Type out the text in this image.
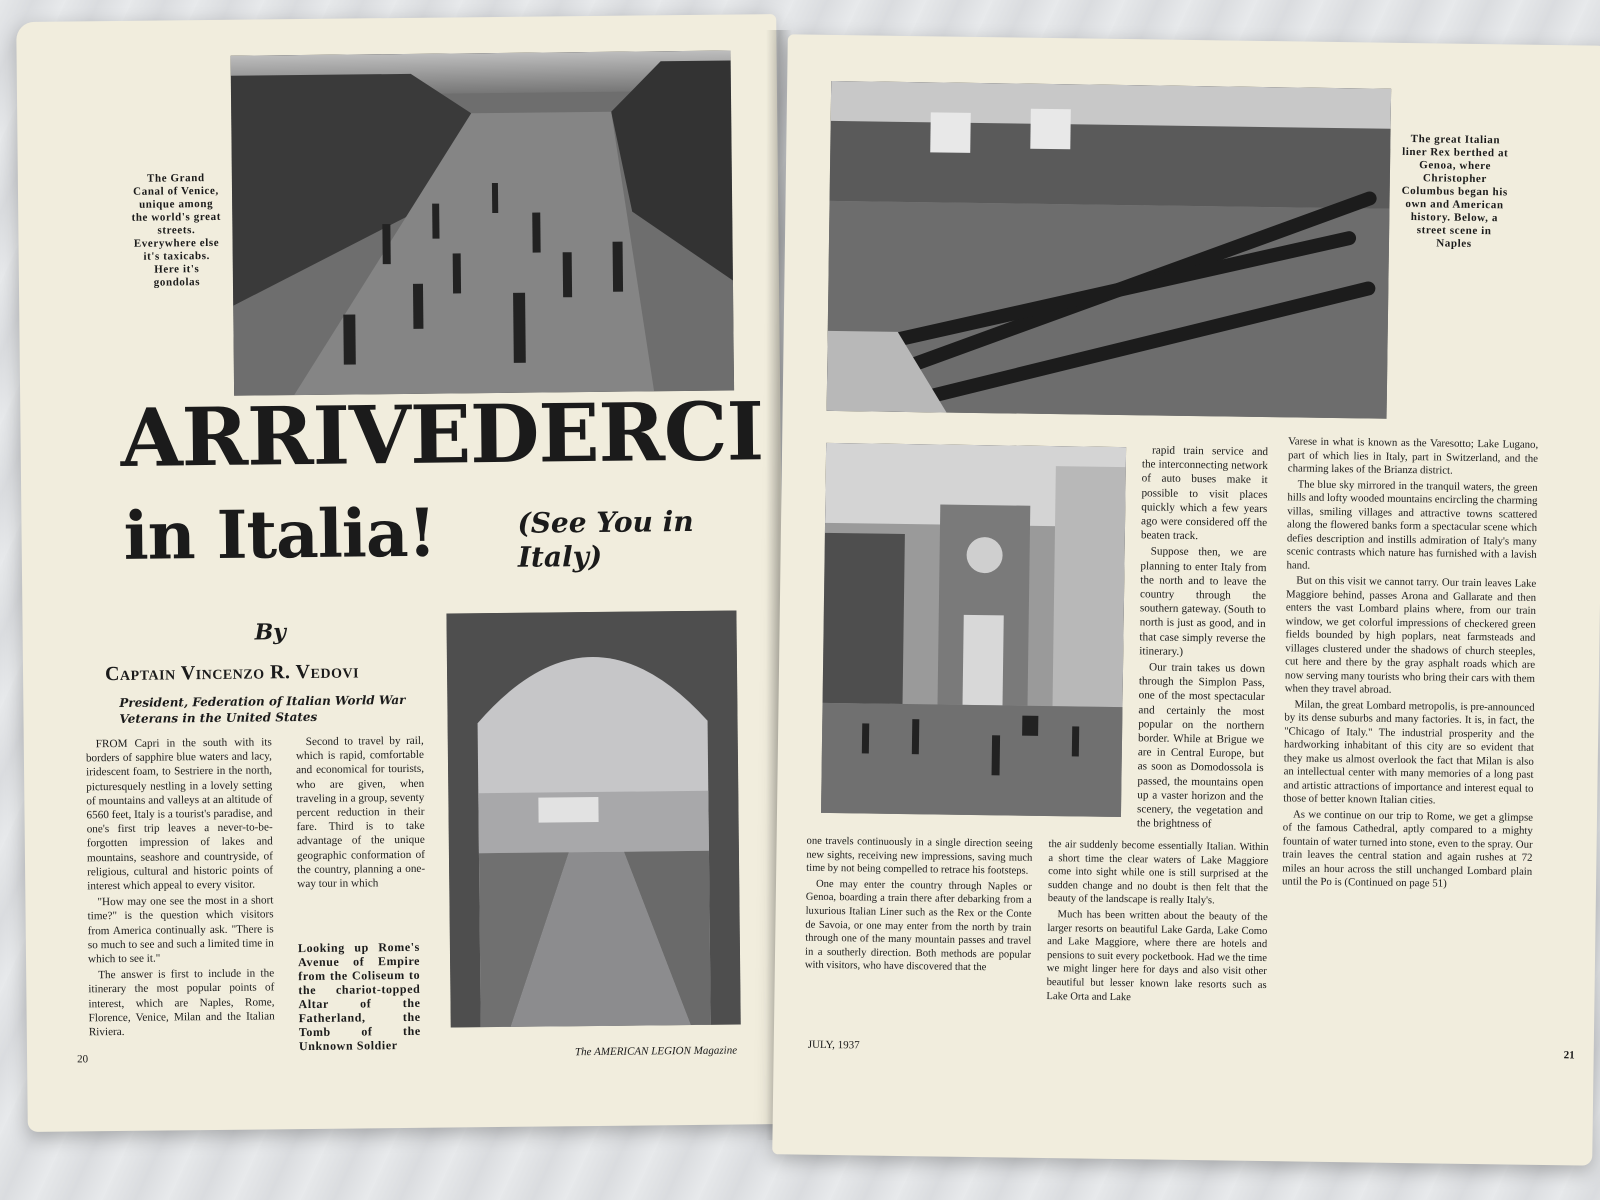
The Grand Canal of Venice, unique among the world's great streets. Everywhere else it's taxicabs. Here it's gondolas
ARRIVEDERCI
in Italia!	(See You in Italy)
By
Captain Vincenzo R. Vedovi
President, Federation of Italian World War Veterans in the United States

FROM Capri in the south with its borders of sapphire blue waters and lacy, iridescent foam, to Sestriere in the north, picturesquely nestling in a lovely setting of mountains and valleys at an altitude of 6560 feet, Italy is a tourist's paradise, and one's first trip leaves a never-to-be-forgotten impression of lakes and mountains, seashore and countryside, of religious, cultural and historic points of interest which appeal to every visitor.

"How may one see the most in a short time?" is the question which visitors from America continually ask. "There is so much to see and such a limited time in which to see it."

The answer is first to include in the itinerary the most popular points of interest, which are Naples, Rome, Florence, Venice, Milan and the Italian Riviera.

Second to travel by rail, which is rapid, comfortable and economical for tourists, who are given, when traveling in a group, seventy percent reduction in their fare. Third is to take advantage of the unique geographic conformation of the country, planning a one-way tour in which

Looking up Rome's Avenue of Empire from the Coliseum to the chariot-topped Altar of the Fatherland, the Tomb of the Unknown Soldier
20
The AMERICAN LEGION Magazine
The great Italian liner Rex berthed at Genoa, where Christopher Columbus began his own and American history. Below, a street scene in Naples

rapid train service and the interconnecting network of auto buses make it possible to visit places quickly which a few years ago were considered off the beaten track.

Suppose then, we are planning to enter Italy from the north and to leave the country through the southern gateway. (South to north is just as good, and in that case simply reverse the itinerary.)

Our train takes us down through the Simplon Pass, one of the most spectacular and certainly the most popular on the northern border. While at Brigue we are in Central Europe, but as soon as Domodossola is passed, the mountains open up a vaster horizon and the scenery, the vegetation and the brightness of

Varese in what is known as the Varesotto; Lake Lugano, part of which lies in Italy, part in Switzerland, and the charming lakes of the Brianza district.

The blue sky mirrored in the tranquil waters, the green hills and lofty wooded mountains encircling the charming villas, smiling villages and attractive towns scattered along the flowered banks form a spectacular scene which defies description and instills admiration of Italy's many scenic contrasts which nature has furnished with a lavish hand.

But on this visit we cannot tarry. Our train leaves Lake Maggiore behind, passes Arona and Gallarate and then enters the vast Lombard plains where, from our train window, we get colorful impressions of checkered green fields bounded by high poplars, neat farmsteads and villages clustered under the shadows of church steeples, cut here and there by the gray asphalt roads which are now serving many tourists who bring their cars with them when they travel abroad.

Milan, the great Lombard metropolis, is pre-announced by its dense suburbs and many factories. It is, in fact, the "Chicago of Italy." The industrial prosperity and the hardworking inhabitant of this city are so evident that they make us almost overlook the fact that Milan is also an intellectual center with many memories of a long past and artistic attractions of importance and interest equal to those of better known Italian cities.

As we continue on our trip to Rome, we get a glimpse of the famous Cathedral, aptly compared to a mighty fountain of water turned into stone, even to the spray. Our train leaves the central station and again rushes at 72 miles an hour across the still unchanged Lombard plain until the Po is (Continued on page 51)

one travels continuously in a single direction seeing new sights, receiving new impressions, saving much time by not being compelled to retrace his footsteps.

One may enter the country through Naples or Genoa, boarding a train there after debarking from a luxurious Italian Liner such as the Rex or the Conte de Savoia, or one may enter from the north by train through one of the many mountain passes and travel in a southerly direction. Both methods are popular with visitors, who have discovered that the

the air suddenly become essentially Italian. Within a short time the clear waters of Lake Maggiore come into sight while one is still surprised at the sudden change and no doubt is then felt that the beauty of the landscape is really Italy's.

Much has been written about the beauty of the larger resorts on beautiful Lake Garda, Lake Como and Lake Maggiore, where there are hotels and pensions to suit every pocketbook. Had we the time we might linger here for days and also visit other beautiful but lesser known lake resorts such as Lake Orta and Lake

JULY, 1937
21
